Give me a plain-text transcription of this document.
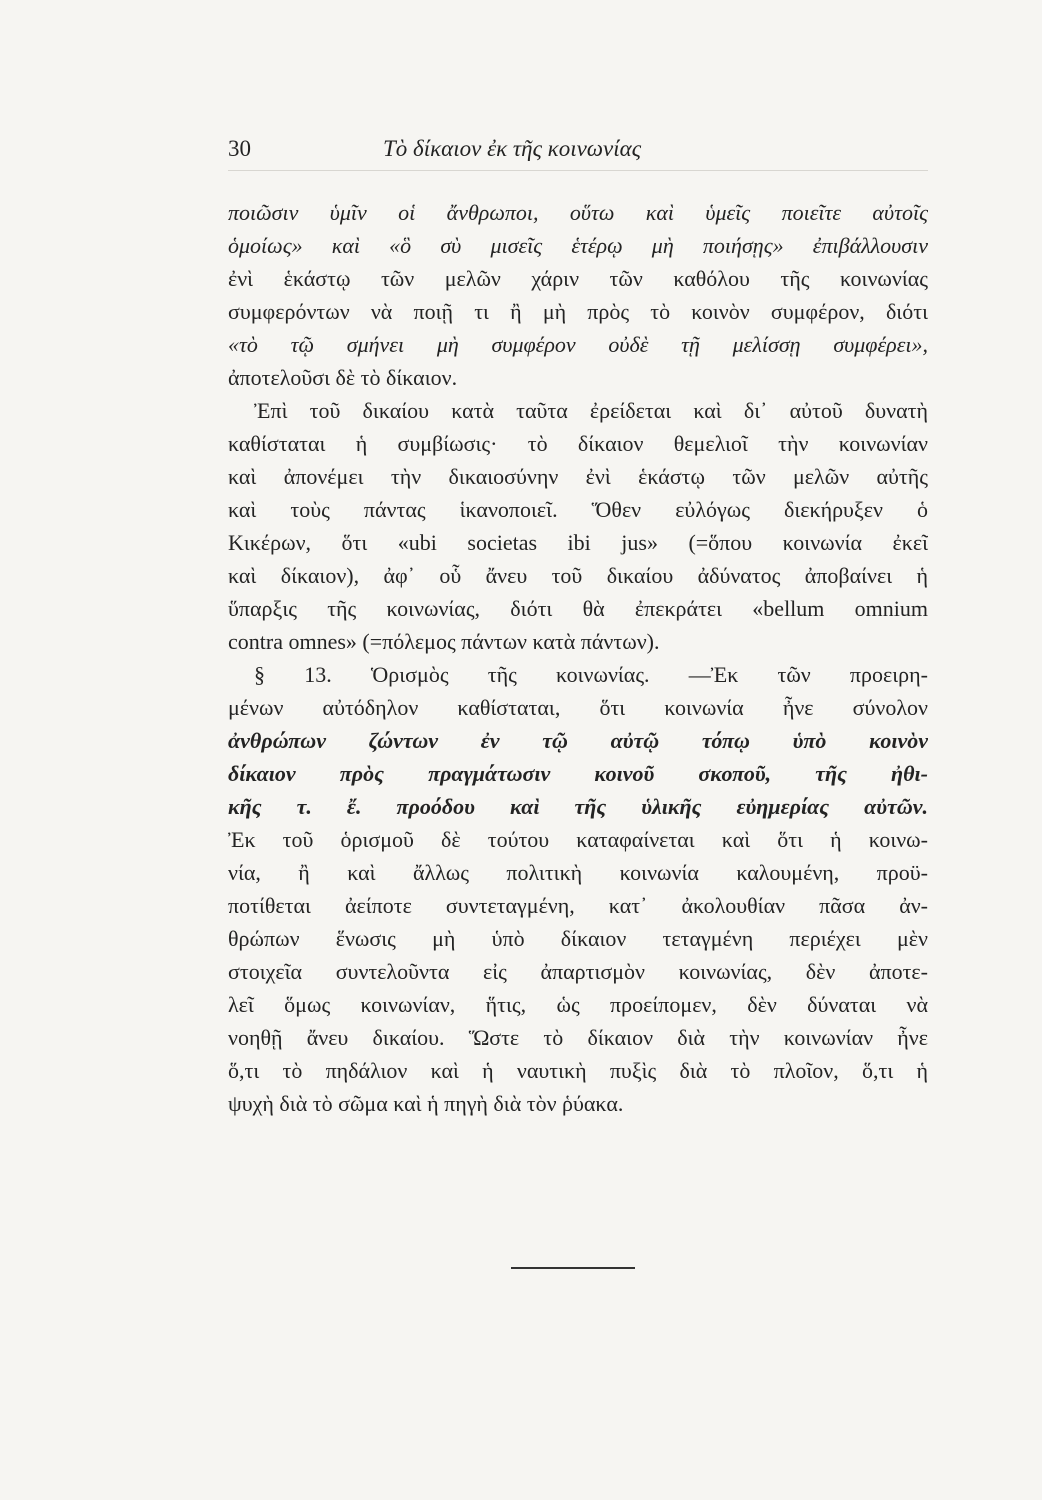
30	Τὸ δίκαιον ἐκ τῆς κοινωνίας
ποιῶσιν ὑμῖν οἱ ἄνθρωποι, οὕτω καὶ ὑμεῖς ποιεῖτε αὐτοῖς
ὁμοίως» καὶ «ὃ σὺ μισεῖς ἑτέρῳ μὴ ποιήσῃς» ἐπιβάλλουσιν
ἐνὶ ἑκάστῳ τῶν μελῶν χάριν τῶν καθόλου τῆς κοινωνίας
συμφερόντων νὰ ποιῇ τι ἢ μὴ πρὸς τὸ κοινὸν συμφέρον, διότι
«τὸ τῷ σμήνει μὴ συμφέρον οὐδὲ τῇ μελίσσῃ συμφέρει»,
ἀποτελοῦσι δὲ τὸ δίκαιον.
Ἐπὶ τοῦ δικαίου κατὰ ταῦτα ἐρείδεται καὶ δι᾽ αὐτοῦ δυνατὴ
καθίσταται ἡ συμβίωσις· τὸ δίκαιον θεμελιοῖ τὴν κοινωνίαν
καὶ ἀπονέμει τὴν δικαιοσύνην ἐνὶ ἑκάστῳ τῶν μελῶν αὐτῆς
καὶ τοὺς πάντας ἱκανοποιεῖ. Ὅθεν εὐλόγως διεκήρυξεν ὁ
Κικέρων, ὅτι «ubi societas ibi jus» (=ὅπου κοινωνία ἐκεῖ
καὶ δίκαιον), ἀφ᾽ οὗ ἄνευ τοῦ δικαίου ἀδύνατος ἀποβαίνει ἡ
ὕπαρξις τῆς κοινωνίας, διότι θὰ ἐπεκράτει «bellum omnium
contra omnes» (=πόλεμος πάντων κατὰ πάντων).
§ 13. Ὁρισμὸς τῆς κοινωνίας. —Ἐκ τῶν προειρη-
μένων αὐτόδηλον καθίσταται, ὅτι κοινωνία ἦνε σύνολον
ἀνθρώπων ζώντων ἐν τῷ αὐτῷ τόπῳ ὑπὸ κοινὸν
δίκαιον πρὸς πραγμάτωσιν κοινοῦ σκοποῦ, τῆς ἠθι-
κῆς τ. ἔ. προόδου καὶ τῆς ὑλικῆς εὐημερίας αὐτῶν.
Ἐκ τοῦ ὁρισμοῦ δὲ τούτου καταφαίνεται καὶ ὅτι ἡ κοινω-
νία, ἢ καὶ ἄλλως πολιτικὴ κοινωνία καλουμένη, προϋ-
ποτίθεται ἀείποτε συντεταγμένη, κατ᾽ ἀκολουθίαν πᾶσα ἀν-
θρώπων ἕνωσις μὴ ὑπὸ δίκαιον τεταγμένη περιέχει μὲν
στοιχεῖα συντελοῦντα εἰς ἀπαρτισμὸν κοινωνίας, δὲν ἀποτε-
λεῖ ὅμως κοινωνίαν, ἥτις, ὡς προείπομεν, δὲν δύναται νὰ
νοηθῇ ἄνευ δικαίου. Ὥστε τὸ δίκαιον διὰ τὴν κοινωνίαν ἦνε
ὅ,τι τὸ πηδάλιον καὶ ἡ ναυτικὴ πυξὶς διὰ τὸ πλοῖον, ὅ,τι ἡ
ψυχὴ διὰ τὸ σῶμα καὶ ἡ πηγὴ διὰ τὸν ῥύακα.
